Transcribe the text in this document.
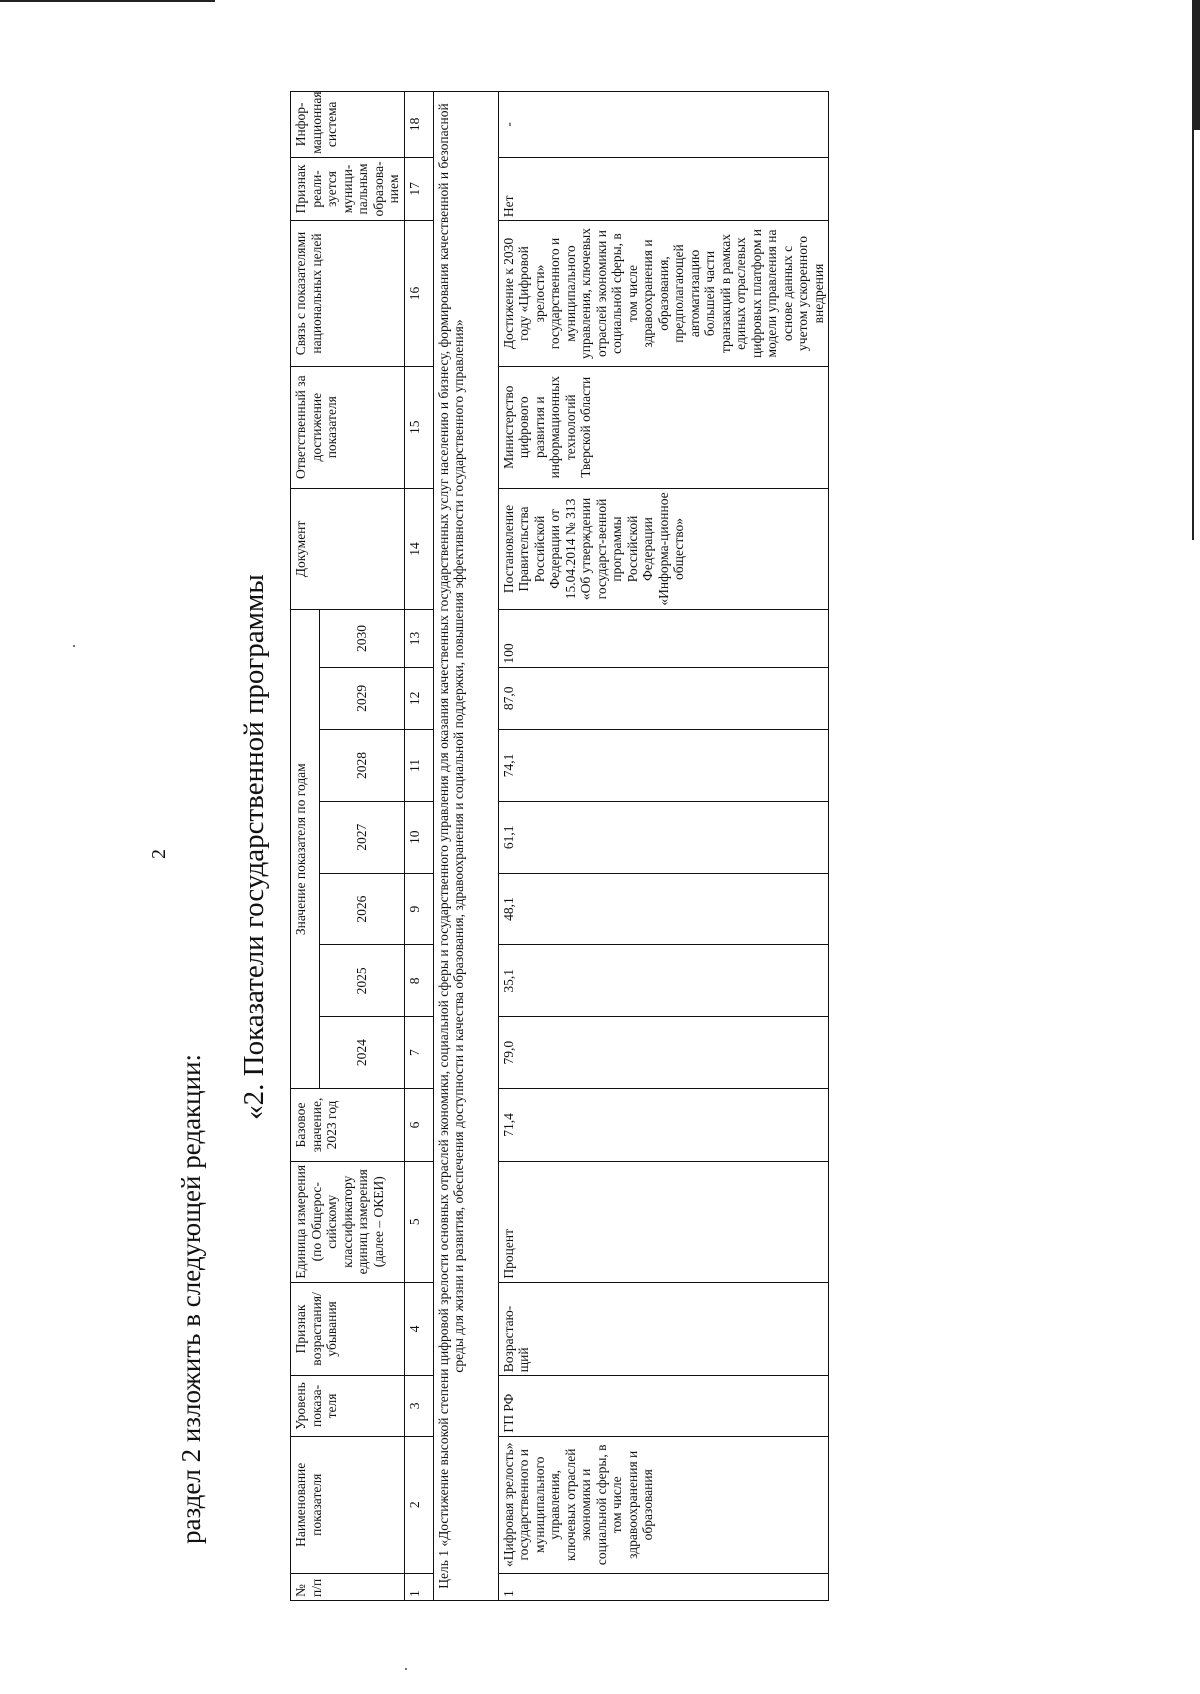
2
раздел 2 изложить в следующей редакции:
«2. Показатели государственной программы
№ п/п	Наименование показателя	Уровень показа-теля	Признак возрастания/ убывания	Единица измерения (по Общерос-сийскому классификатору единиц измерения (далее – ОКЕИ)	Базовое значение, 2023 год	Значение показателя по годам							Документ	Ответственный за достижение показателя	Связь с показателями национальных целей	Признак реали-зуется муници-пальным образова-нием	Инфор-мационная система
						2024	2025	2026	2027	2028	2029	2030					
1	2	3	4	5	6	7	8	9	10	11	12	13	14	15	16	17	18
Цель 1 «Достижение высокой степени цифровой зрелости основных отраслей экономики, социальной сферы и государственного управления для оказания качественных государственных услуг населению и бизнесу, формирования качественной и безопасной среды для жизни и развития, обеспечения доступности и качества образования, здравоохранения и социальной поддержки, повышения эффективности государственного управления»																	
1	«Цифровая зрелость» государственного и муниципального управления, ключевых отраслей экономики и социальной сферы, в том числе здравоохранения и образования	ГП РФ	Возрастаю-щий	Процент	71,4	79,0	35,1	48,1	61,1	74,1	87,0	100	Постановление Правительства Российской Федерации от 15.04.2014 № 313 «Об утверждении государст-венной программы Российской Федерации «Информа-ционное общество»	Министерство цифрового развития и информационных технологий Тверской области	Достижение к 2030 году «Цифровой зрелости» государственного и муниципального управления, ключевых отраслей экономики и социальной сферы, в том числе здравоохранения и образования, предполагающей автоматизацию большей части транзакций в рамках единых отраслевых цифровых платформ и модели управления на основе данных с учетом ускоренного внедрения	Нет	-
